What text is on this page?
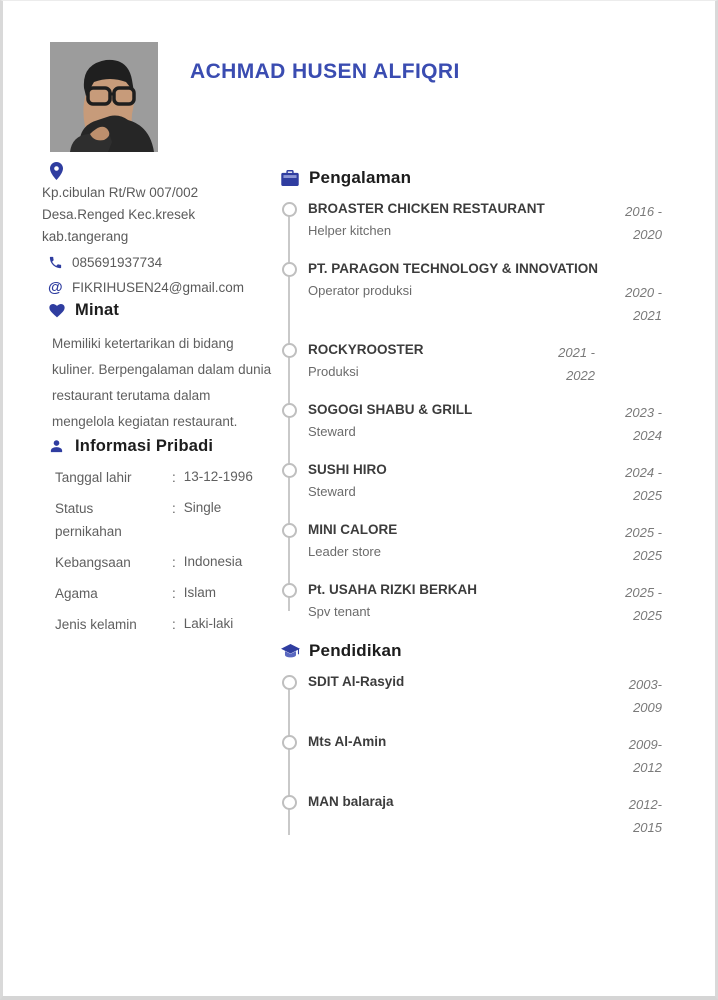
ACHMAD HUSEN ALFIQRI
Kp.cibulan Rt/Rw 007/002
Desa.Renged Kec.kresek
kab.tangerang
085691937734
@ FIKRIHUSEN24@gmail.com
Minat
Memiliki ketertarikan di bidang kuliner. Berpengalaman dalam dunia restaurant terutama dalam mengelola kegiatan restaurant.
Informasi Pribadi
Tanggal lahir	: 13-12-1996
Status pernikahan
: Single
Kebangsaan	: Indonesia
Agama	: Islam
Jenis kelamin	: Laki-laki
Pengalaman
BROASTER CHICKEN RESTAURANT
Helper kitchen
2016 -
2020
PT. PARAGON TECHNOLOGY & INNOVATION
Operator produksi	2020 -
2021
ROCKYROOSTER
Produksi
2021 -
2022
SOGOGI SHABU & GRILL
Steward
2023 -
2024
SUSHI HIRO
Steward
2024 -
2025
MINI CALORE
Leader store
2025 -
2025
Pt. USAHA RIZKI BERKAH
Spv tenant
2025 -
2025
Pendidikan
SDIT Al-Rasyid	2003-
2009
Mts Al-Amin	2009-
2012
MAN balaraja	2012-
2015
